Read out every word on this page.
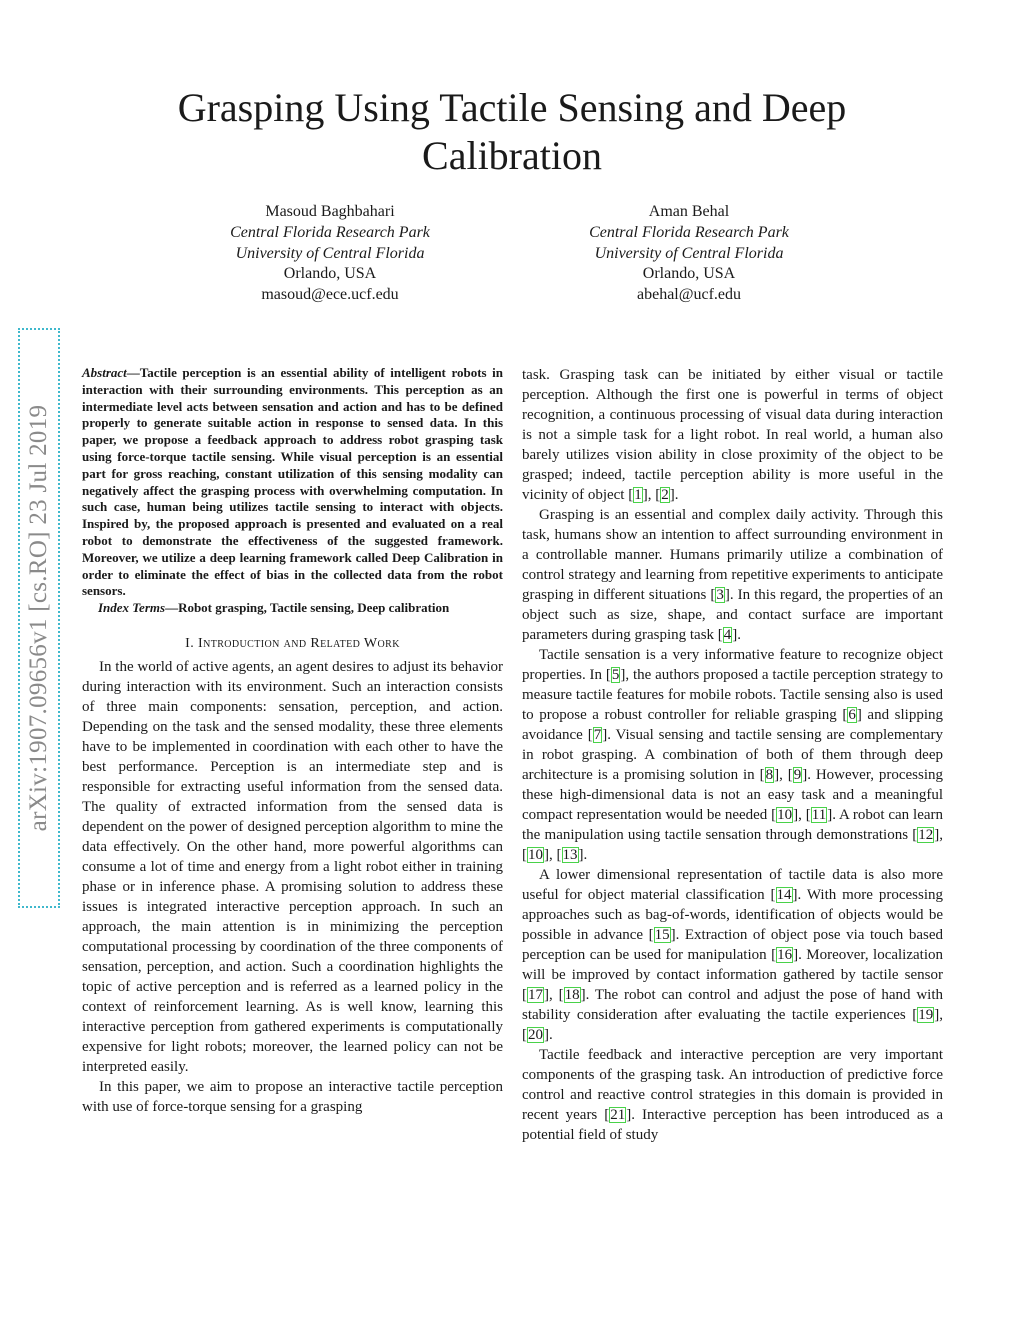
Grasping Using Tactile Sensing and Deep Calibration
Masoud Baghbahari
Central Florida Research Park
University of Central Florida
Orlando, USA
masoud@ece.ucf.edu
Aman Behal
Central Florida Research Park
University of Central Florida
Orlando, USA
abehal@ucf.edu
arXiv:1907.09656v1 [cs.RO] 23 Jul 2019

Abstract—Tactile perception is an essential ability of intelligent robots in interaction with their surrounding environments. This perception as an intermediate level acts between sensation and action and has to be defined properly to generate suitable action in response to sensed data. In this paper, we propose a feedback approach to address robot grasping task using force-torque tactile sensing. While visual perception is an essential part for gross reaching, constant utilization of this sensing modality can negatively affect the grasping process with overwhelming computation. In such case, human being utilizes tactile sensing to interact with objects. Inspired by, the proposed approach is presented and evaluated on a real robot to demonstrate the effectiveness of the suggested framework. Moreover, we utilize a deep learning framework called Deep Calibration in order to eliminate the effect of bias in the collected data from the robot sensors.

Index Terms—Robot grasping, Tactile sensing, Deep calibration

I. Introduction and Related Work

In the world of active agents, an agent desires to adjust its behavior during interaction with its environment. Such an interaction consists of three main components: sensation, perception, and action. Depending on the task and the sensed modality, these three elements have to be implemented in coordination with each other to have the best performance. Perception is an intermediate step and is responsible for extracting useful information from the sensed data. The quality of extracted information from the sensed data is dependent on the power of designed perception algorithm to mine the data effectively. On the other hand, more powerful algorithms can consume a lot of time and energy from a light robot either in training phase or in inference phase. A promising solution to address these issues is integrated interactive perception approach. In such an approach, the main attention is in minimizing the perception computational processing by coordination of the three components of sensation, perception, and action. Such a coordination highlights the topic of active perception and is referred as a learned policy in the context of reinforcement learning. As is well know, learning this interactive perception from gathered experiments is computationally expensive for light robots; moreover, the learned policy can not be interpreted easily.

In this paper, we aim to propose an interactive tactile perception with use of force-torque sensing for a grasping

task. Grasping task can be initiated by either visual or tactile perception. Although the first one is powerful in terms of object recognition, a continuous processing of visual data during interaction is not a simple task for a light robot. In real world, a human also barely utilizes vision ability in close proximity of the object to be grasped; indeed, tactile perception ability is more useful in the vicinity of object [1], [2].

Grasping is an essential and complex daily activity. Through this task, humans show an intention to affect surrounding environment in a controllable manner. Humans primarily utilize a combination of control strategy and learning from repetitive experiments to anticipate grasping in different situations [3]. In this regard, the properties of an object such as size, shape, and contact surface are important parameters during grasping task [4].

Tactile sensation is a very informative feature to recognize object properties. In [5], the authors proposed a tactile perception strategy to measure tactile features for mobile robots. Tactile sensing also is used to propose a robust controller for reliable grasping [6] and slipping avoidance [7]. Visual sensing and tactile sensing are complementary in robot grasping. A combination of both of them through deep architecture is a promising solution in [8], [9]. However, processing these high-dimensional data is not an easy task and a meaningful compact representation would be needed [10], [11]. A robot can learn the manipulation using tactile sensation through demonstrations [12], [10], [13].

A lower dimensional representation of tactile data is also more useful for object material classification [14]. With more processing approaches such as bag-of-words, identification of objects would be possible in advance [15]. Extraction of object pose via touch based perception can be used for manipulation [16]. Moreover, localization will be improved by contact information gathered by tactile sensor [17], [18]. The robot can control and adjust the pose of hand with stability consideration after evaluating the tactile experiences [19], [20].

Tactile feedback and interactive perception are very important components of the grasping task. An introduction of predictive force control and reactive control strategies in this domain is provided in recent years [21]. Interactive perception has been introduced as a potential field of study
